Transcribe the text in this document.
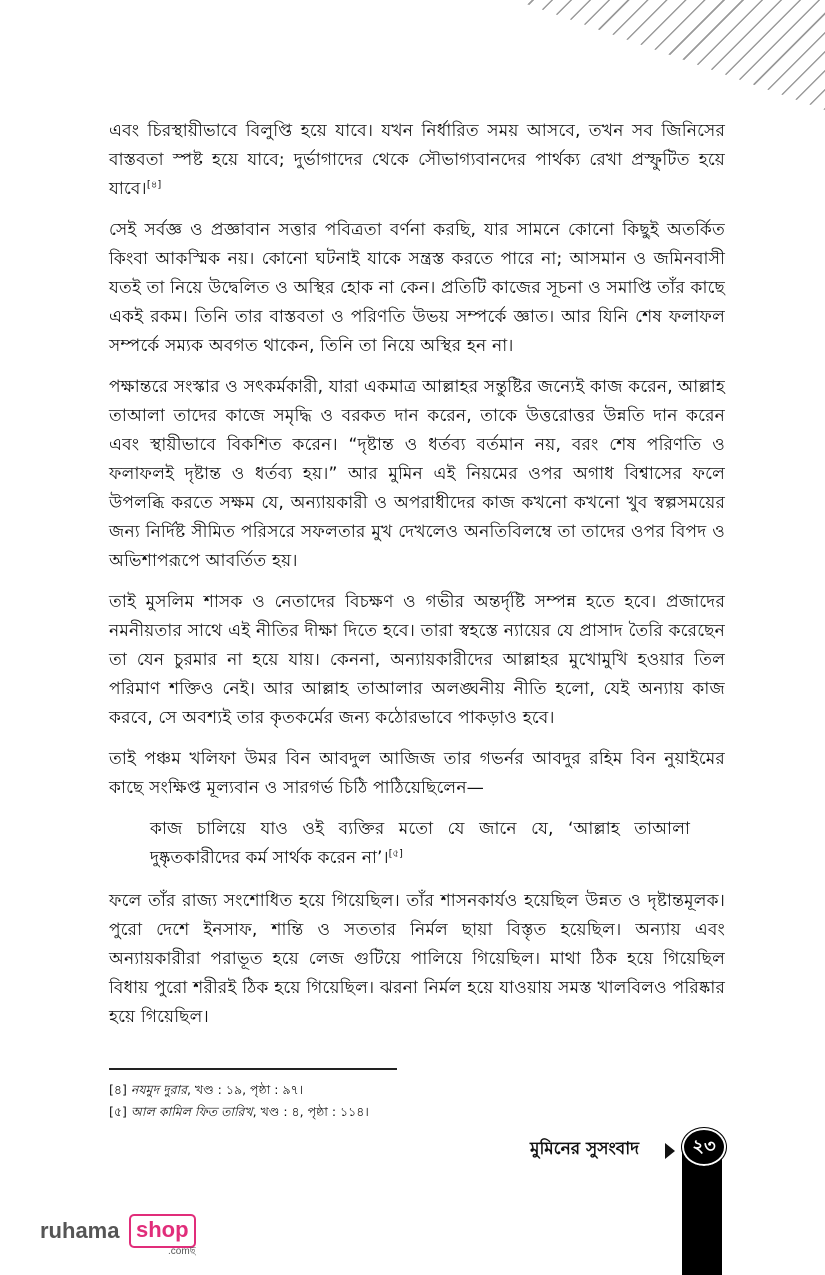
এবং চিরস্থায়ীভাবে বিলুপ্তি হয়ে যাবে। যখন নির্ধারিত সময় আসবে, তখন সব জিনিসের বাস্তবতা স্পষ্ট হয়ে যাবে; দুর্ভাগাদের থেকে সৌভাগ্যবানদের পার্থক্য রেখা প্রস্ফুটিত হয়ে যাবে।[৪]

সেই সর্বজ্ঞ ও প্রজ্ঞাবান সত্তার পবিত্রতা বর্ণনা করছি, যার সামনে কোনো কিছুই অতর্কিত কিংবা আকস্মিক নয়। কোনো ঘটনাই যাকে সন্ত্রস্ত করতে পারে না; আসমান ও জমিনবাসী যতই তা নিয়ে উদ্বেলিত ও অস্থির হোক না কেন। প্রতিটি কাজের সূচনা ও সমাপ্তি তাঁর কাছে একই রকম। তিনি তার বাস্তবতা ও পরিণতি উভয় সম্পর্কে জ্ঞাত। আর যিনি শেষ ফলাফল সম্পর্কে সম্যক অবগত থাকেন, তিনি তা নিয়ে অস্থির হন না।

পক্ষান্তরে সংস্কার ও সৎকর্মকারী, যারা একমাত্র আল্লাহর সন্তুষ্টির জন্যেই কাজ করেন, আল্লাহ তাআলা তাদের কাজে সমৃদ্ধি ও বরকত দান করেন, তাকে উত্তরোত্তর উন্নতি দান করেন এবং স্থায়ীভাবে বিকশিত করেন। “দৃষ্টান্ত ও ধর্তব্য বর্তমান নয়, বরং শেষ পরিণতি ও ফলাফলই দৃষ্টান্ত ও ধর্তব্য হয়।” আর মুমিন এই নিয়মের ওপর অগাধ বিশ্বাসের ফলে উপলব্ধি করতে সক্ষম যে, অন্যায়কারী ও অপরাধীদের কাজ কখনো কখনো খুব স্বল্পসময়ের জন্য নির্দিষ্ট সীমিত পরিসরে সফলতার মুখ দেখলেও অনতিবিলম্বে তা তাদের ওপর বিপদ ও অভিশাপরূপে আবর্তিত হয়।

তাই মুসলিম শাসক ও নেতাদের বিচক্ষণ ও গভীর অন্তর্দৃষ্টি সম্পন্ন হতে হবে। প্রজাদের নমনীয়তার সাথে এই নীতির দীক্ষা দিতে হবে। তারা স্বহস্তে ন্যায়ের যে প্রাসাদ তৈরি করেছেন তা যেন চুরমার না হয়ে যায়। কেননা, অন্যায়কারীদের আল্লাহর মুখোমুখি হওয়ার তিল পরিমাণ শক্তিও নেই। আর আল্লাহ তাআলার অলঙ্ঘনীয় নীতি হলো, যেই অন্যায় কাজ করবে, সে অবশ্যই তার কৃতকর্মের জন্য কঠোরভাবে পাকড়াও হবে।

তাই পঞ্চম খলিফা উমর বিন আবদুল আজিজ তার গভর্নর আবদুর রহিম বিন নুয়াইমের কাছে সংক্ষিপ্ত মূল্যবান ও সারগর্ভ চিঠি পাঠিয়েছিলেন—

কাজ চালিয়ে যাও ওই ব্যক্তির মতো যে জানে যে, ‘আল্লাহ তাআলা দুষ্কৃতকারীদের কর্ম সার্থক করেন না’।[৫]

ফলে তাঁর রাজ্য সংশোধিত হয়ে গিয়েছিল। তাঁর শাসনকার্যও হয়েছিল উন্নত ও দৃষ্টান্তমূলক। পুরো দেশে ইনসাফ, শান্তি ও সততার নির্মল ছায়া বিস্তৃত হয়েছিল। অন্যায় এবং অন্যায়কারীরা পরাভূত হয়ে লেজ গুটিয়ে পালিয়ে গিয়েছিল। মাথা ঠিক হয়ে গিয়েছিল বিধায় পুরো শরীরই ঠিক হয়ে গিয়েছিল। ঝরনা নির্মল হয়ে যাওয়ায় সমস্ত খালবিলও পরিষ্কার হয়ে গিয়েছিল।

[৪] নযমুদ দুরার, খণ্ড : ১৯, পৃষ্ঠা : ৯৭।
[৫] আল কামিল ফিত তারিখ, খণ্ড : ৪, পৃষ্ঠা : ১১৪।
মুমিনের সুসংবাদ	২৩
ruhama shop
.comছ
